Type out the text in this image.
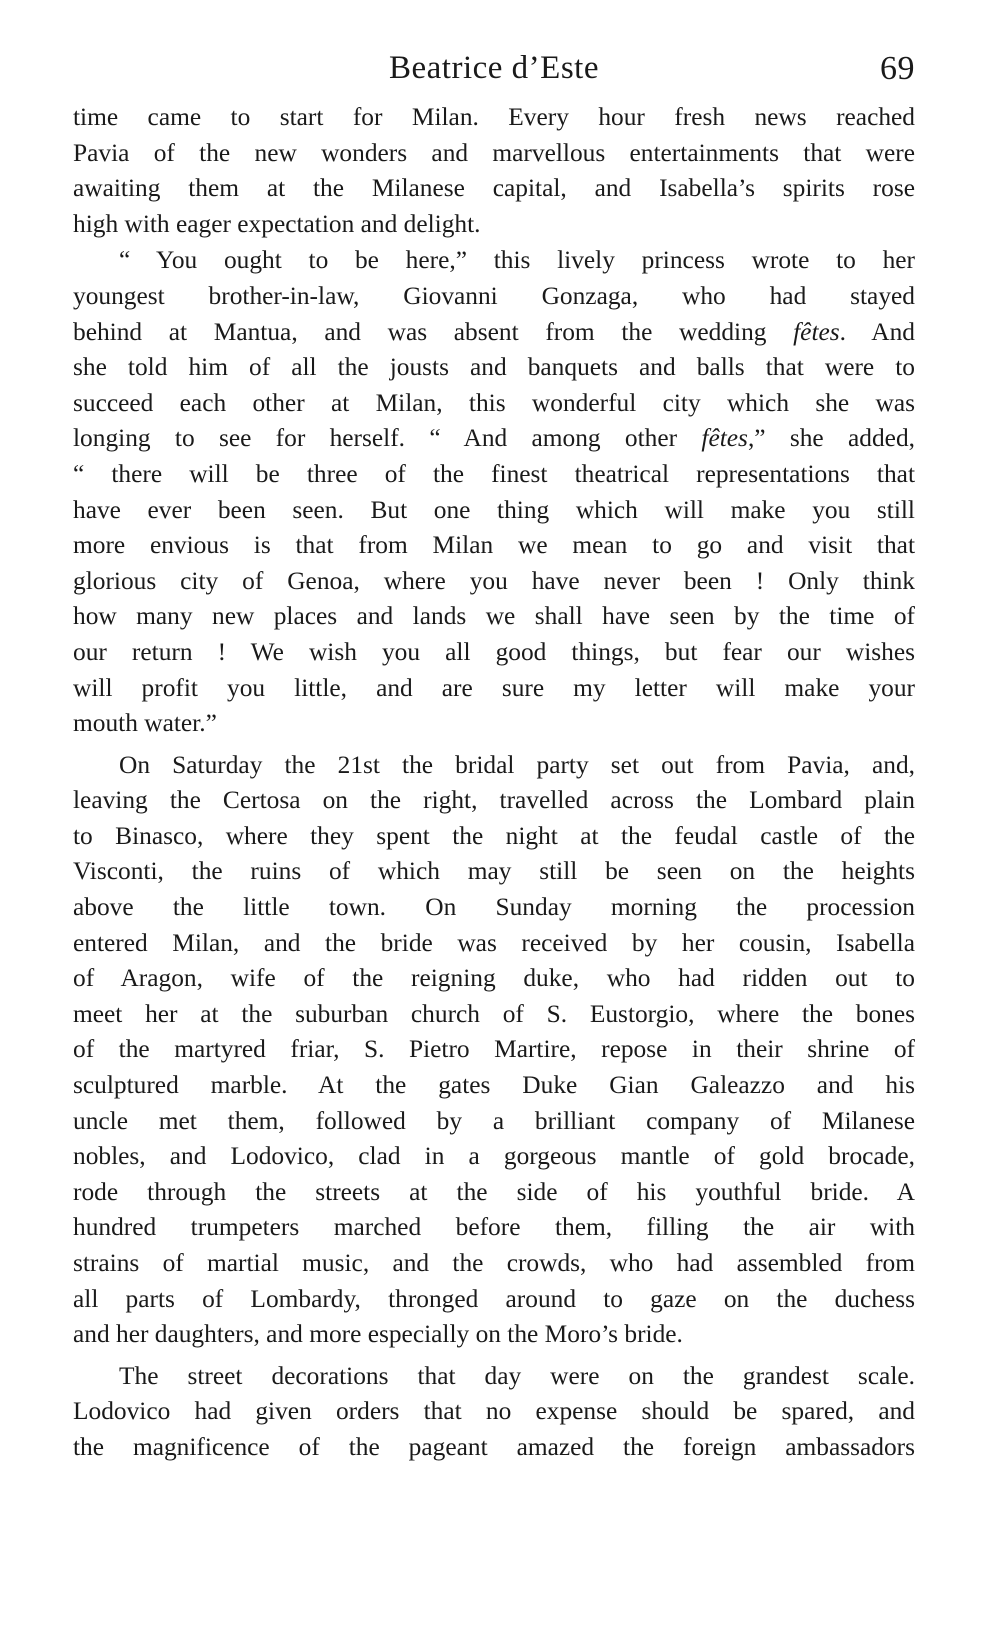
Beatrice d’Este	69
time came to start for Milan. Every hour fresh news reached
Pavia of the new wonders and marvellous entertainments that were
awaiting them at the Milanese capital, and Isabella’s spirits rose
high with eager expectation and delight.
“ You ought to be here,” this lively princess wrote to her
youngest brother-in-law, Giovanni Gonzaga, who had stayed
behind at Mantua, and was absent from the wedding fêtes. And
she told him of all the jousts and banquets and balls that were to
succeed each other at Milan, this wonderful city which she was
longing to see for herself. “ And among other fêtes,” she added,
“ there will be three of the finest theatrical representations that
have ever been seen. But one thing which will make you still
more envious is that from Milan we mean to go and visit that
glorious city of Genoa, where you have never been ! Only think
how many new places and lands we shall have seen by the time of
our return ! We wish you all good things, but fear our wishes
will profit you little, and are sure my letter will make your
mouth water.”
On Saturday the 21st the bridal party set out from Pavia, and,
leaving the Certosa on the right, travelled across the Lombard plain
to Binasco, where they spent the night at the feudal castle of the
Visconti, the ruins of which may still be seen on the heights
above the little town. On Sunday morning the procession
entered Milan, and the bride was received by her cousin, Isabella
of Aragon, wife of the reigning duke, who had ridden out to
meet her at the suburban church of S. Eustorgio, where the bones
of the martyred friar, S. Pietro Martire, repose in their shrine of
sculptured marble. At the gates Duke Gian Galeazzo and his
uncle met them, followed by a brilliant company of Milanese
nobles, and Lodovico, clad in a gorgeous mantle of gold brocade,
rode through the streets at the side of his youthful bride. A
hundred trumpeters marched before them, filling the air with
strains of martial music, and the crowds, who had assembled from
all parts of Lombardy, thronged around to gaze on the duchess
and her daughters, and more especially on the Moro’s bride.
The street decorations that day were on the grandest scale.
Lodovico had given orders that no expense should be spared, and
the magnificence of the pageant amazed the foreign ambassadors
